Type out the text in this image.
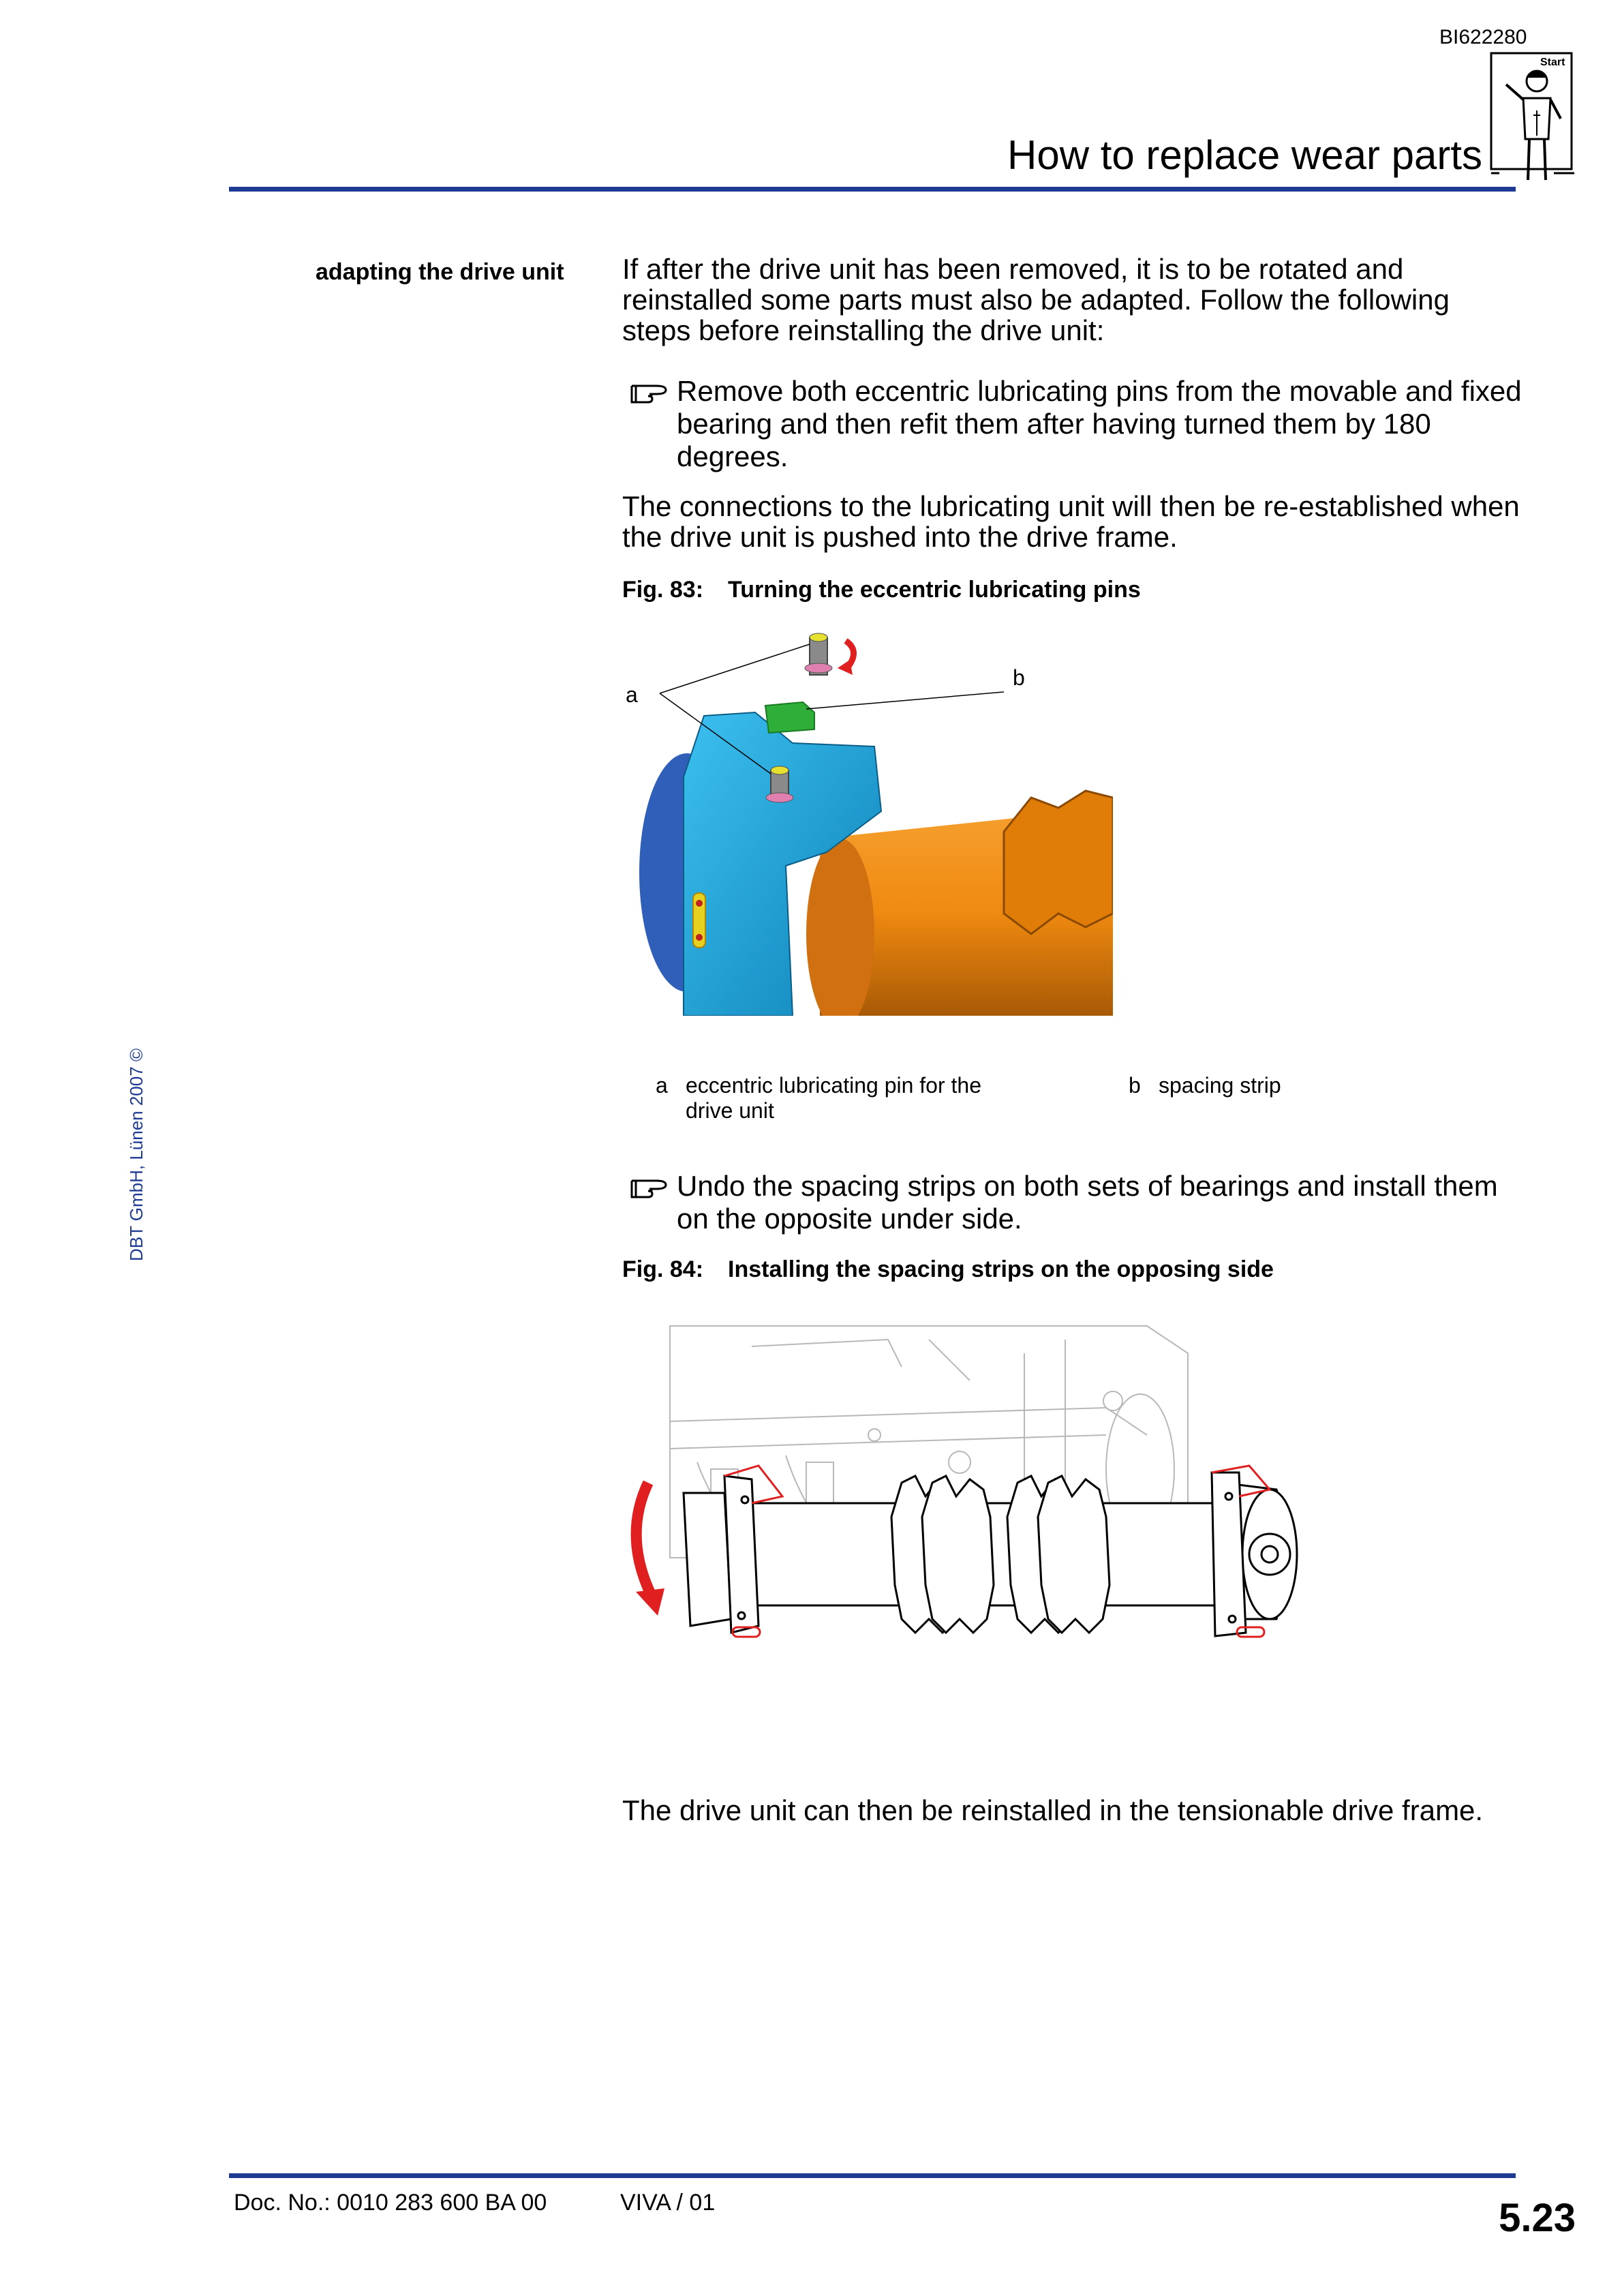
BI622280
Start
How to replace wear parts
DBT GmbH, Lünen 2007 ©
adapting the drive unit If after the drive unit has been removed, it is to be rotated and reinstalled some parts must also be adapted. Follow the following steps before reinstalling the drive unit:
Remove both eccentric lubricating pins from the movable and fixed bearing and then refit them after having turned them by 180 degrees.
The connections to the lubricating unit will then be re-established when the drive unit is pushed into the drive frame.
Fig. 83: Turning the eccentric lubricating pins
a
b
a eccentric lubricating pin for the drive unit
b spacing strip
Undo the spacing strips on both sets of bearings and install them on the opposite under side.
Fig. 84: Installing the spacing strips on the opposing side
The drive unit can then be reinstalled in the tensionable drive frame.
Doc. No.: 0010 283 600 BA 00	VIVA / 01	5.23
